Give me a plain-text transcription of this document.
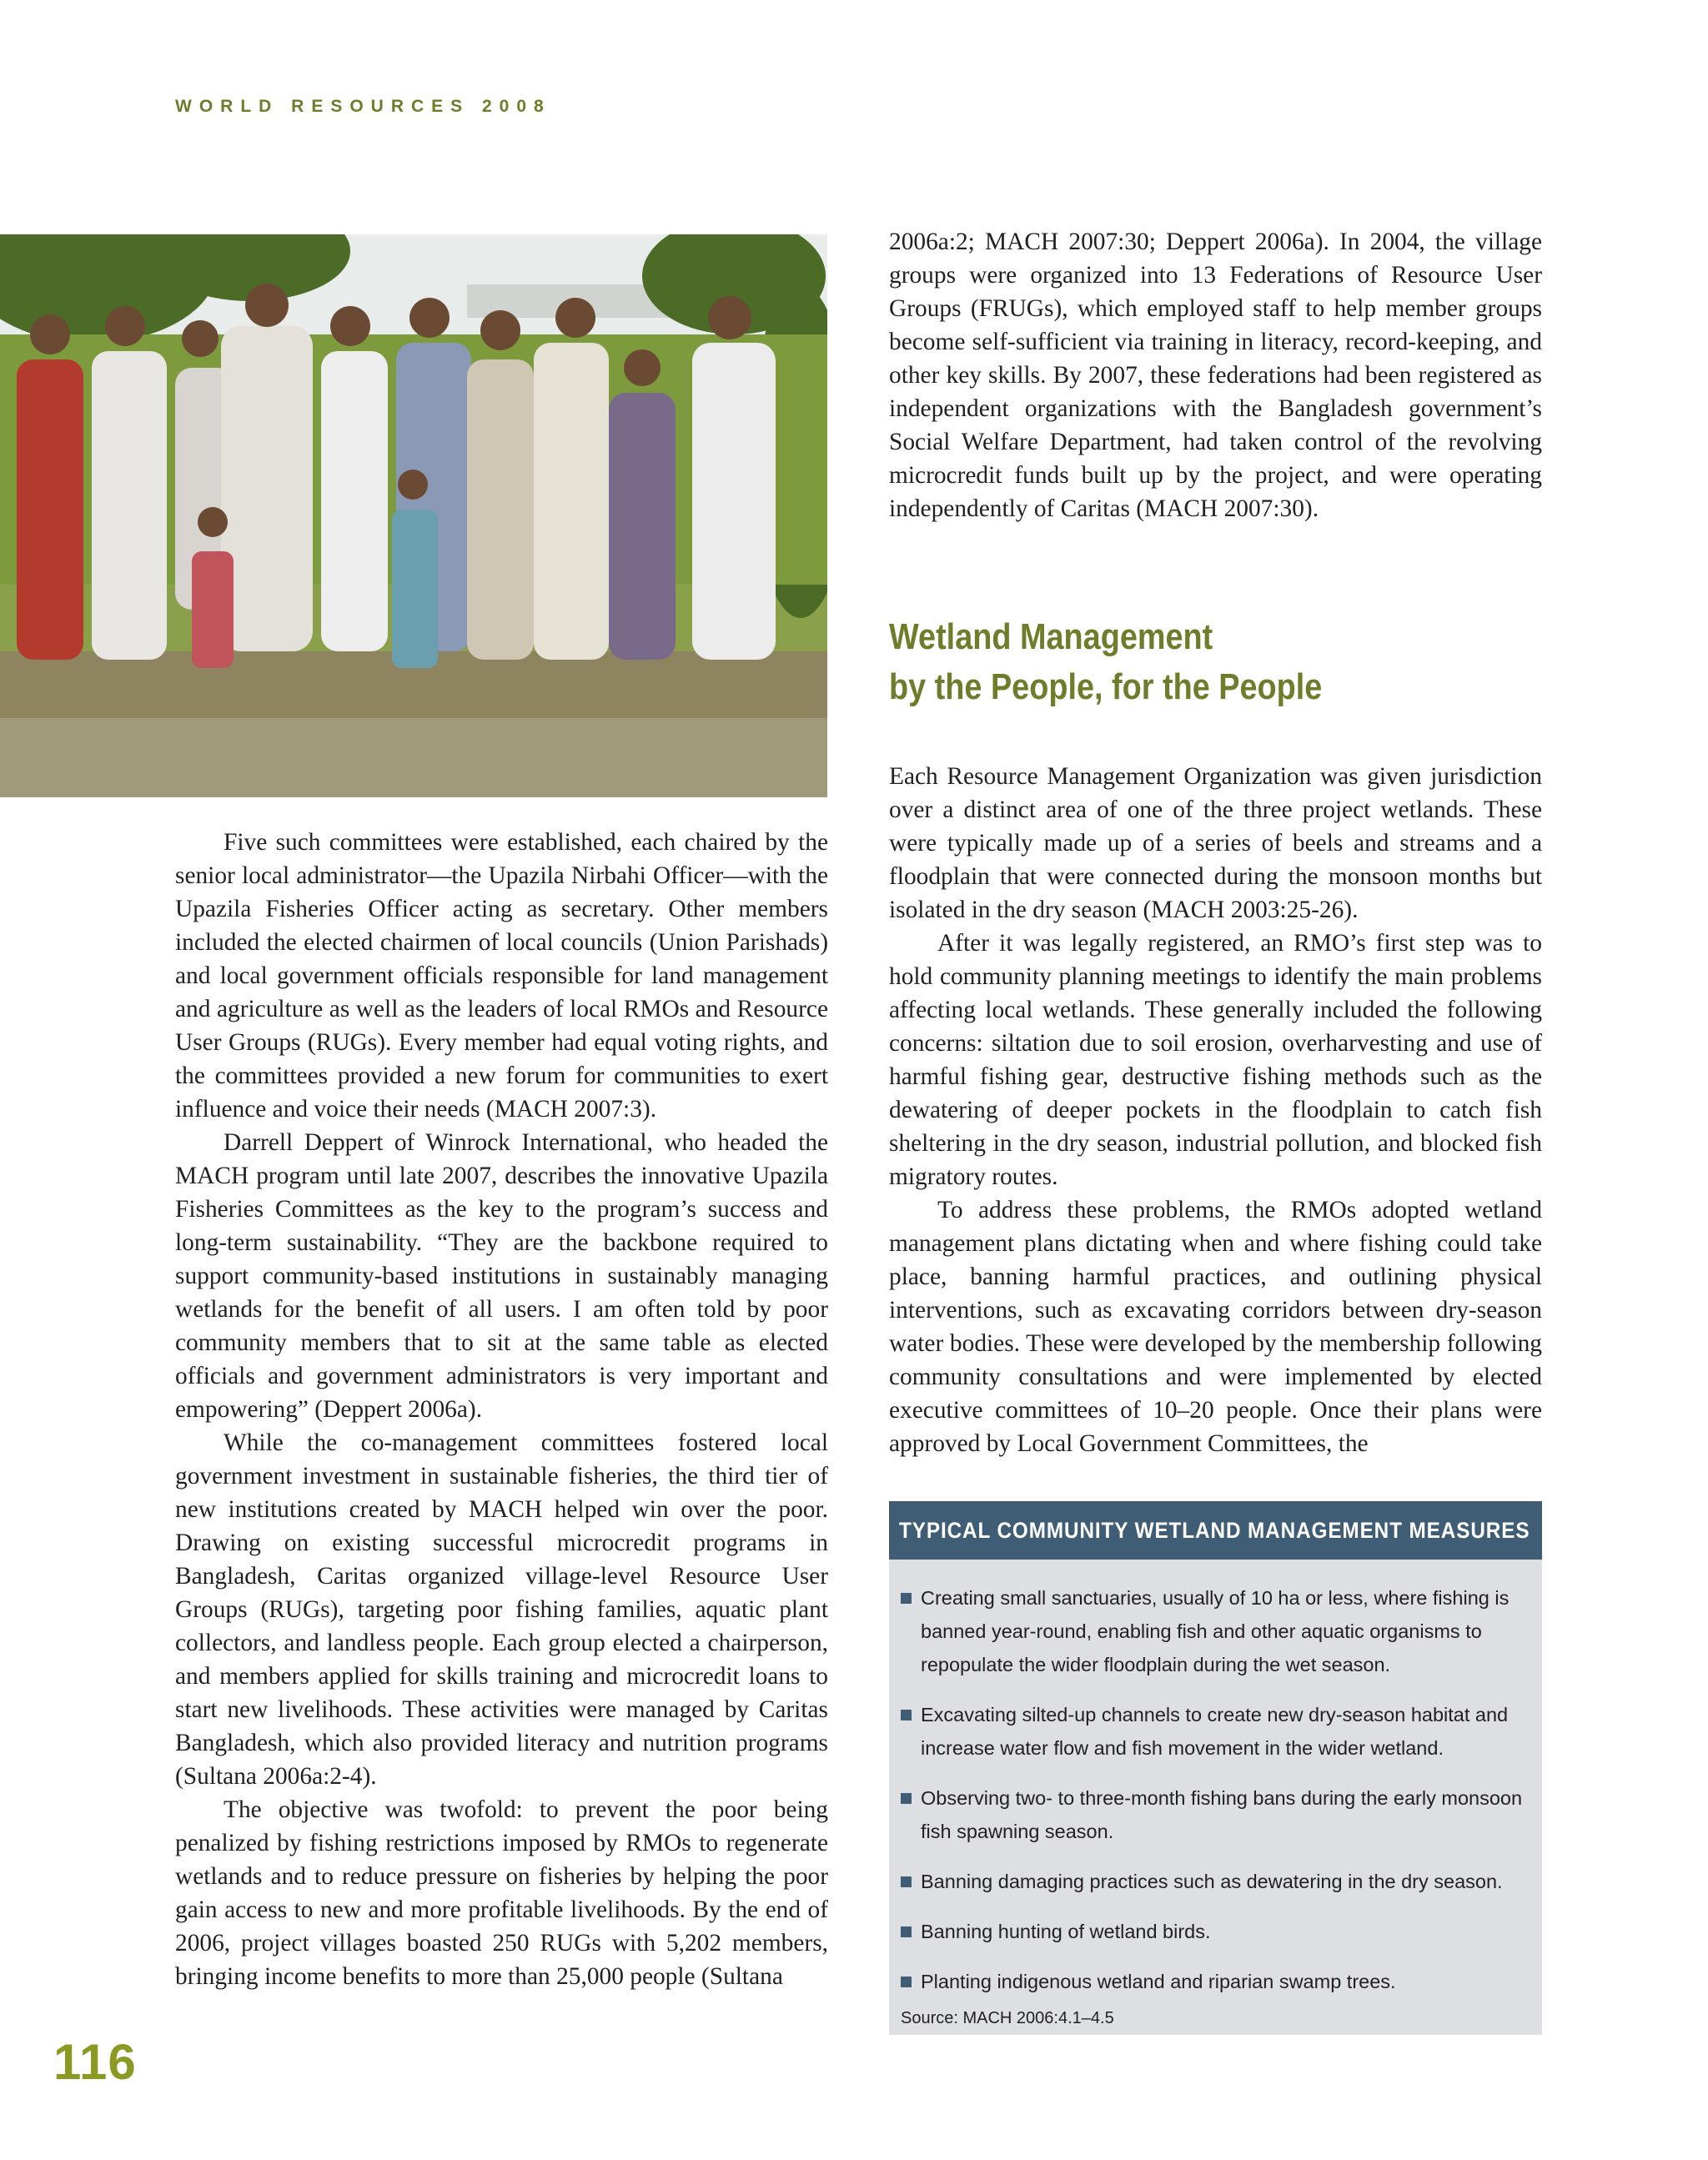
WORLD RESOURCES 2008

Five such committees were established, each chaired by the senior local administrator—the Upazila Nirbahi Officer—with the Upazila Fisheries Officer acting as secretary. Other members included the elected chairmen of local councils (Union Parishads) and local government officials responsible for land management and agriculture as well as the leaders of local RMOs and Resource User Groups (RUGs). Every member had equal voting rights, and the committees provided a new forum for communities to exert influence and voice their needs (MACH 2007:3).

Darrell Deppert of Winrock International, who headed the MACH program until late 2007, describes the innovative Upazila Fisheries Committees as the key to the program’s success and long-term sustainability. “They are the backbone required to support community-based institutions in sustainably managing wetlands for the benefit of all users. I am often told by poor community members that to sit at the same table as elected officials and government administrators is very important and empowering” (Deppert 2006a).

While the co-management committees fostered local government investment in sustainable fisheries, the third tier of new institutions created by MACH helped win over the poor. Drawing on existing successful microcredit programs in Bangladesh, Caritas organized village-level Resource User Groups (RUGs), targeting poor fishing families, aquatic plant collectors, and landless people. Each group elected a chairperson, and members applied for skills training and microcredit loans to start new livelihoods. These activities were managed by Caritas Bangladesh, which also provided literacy and nutrition programs (Sultana 2006a:2-4).

The objective was twofold: to prevent the poor being penalized by fishing restrictions imposed by RMOs to regenerate wetlands and to reduce pressure on fisheries by helping the poor gain access to new and more profitable livelihoods. By the end of 2006, project villages boasted 250 RUGs with 5,202 members, bringing income benefits to more than 25,000 people (Sultana

2006a:2; MACH 2007:30; Deppert 2006a). In 2004, the village groups were organized into 13 Federations of Resource User Groups (FRUGs), which employed staff to help member groups become self-sufficient via training in literacy, record-keeping, and other key skills. By 2007, these federations had been registered as independent organizations with the Bangladesh government’s Social Welfare Department, had taken control of the revolving microcredit funds built up by the project, and were operating independently of Caritas (MACH 2007:30).

Wetland Management
by the People, for the People

Each Resource Management Organization was given jurisdiction over a distinct area of one of the three project wetlands. These were typically made up of a series of beels and streams and a floodplain that were connected during the monsoon months but isolated in the dry season (MACH 2003:25-26).

After it was legally registered, an RMO’s first step was to hold community planning meetings to identify the main problems affecting local wetlands. These generally included the following concerns: siltation due to soil erosion, overharvesting and use of harmful fishing gear, destructive fishing methods such as the dewatering of deeper pockets in the floodplain to catch fish sheltering in the dry season, industrial pollution, and blocked fish migratory routes.

To address these problems, the RMOs adopted wetland management plans dictating when and where fishing could take place, banning harmful practices, and outlining physical interventions, such as excavating corridors between dry-season water bodies. These were developed by the membership following community consultations and were implemented by elected executive committees of 10–20 people. Once their plans were approved by Local Government Committees, the

TYPICAL COMMUNITY WETLAND MANAGEMENT MEASURES
Creating small sanctuaries, usually of 10 ha or less, where fishing is banned year-round, enabling fish and other aquatic organisms to repopulate the wider floodplain during the wet season.
Excavating silted-up channels to create new dry-season habitat and increase water flow and fish movement in the wider wetland.
Observing two- to three-month fishing bans during the early monsoon fish spawning season.
Banning damaging practices such as dewatering in the dry season.
Banning hunting of wetland birds.
Planting indigenous wetland and riparian swamp trees.
Source: MACH 2006:4.1–4.5
116
